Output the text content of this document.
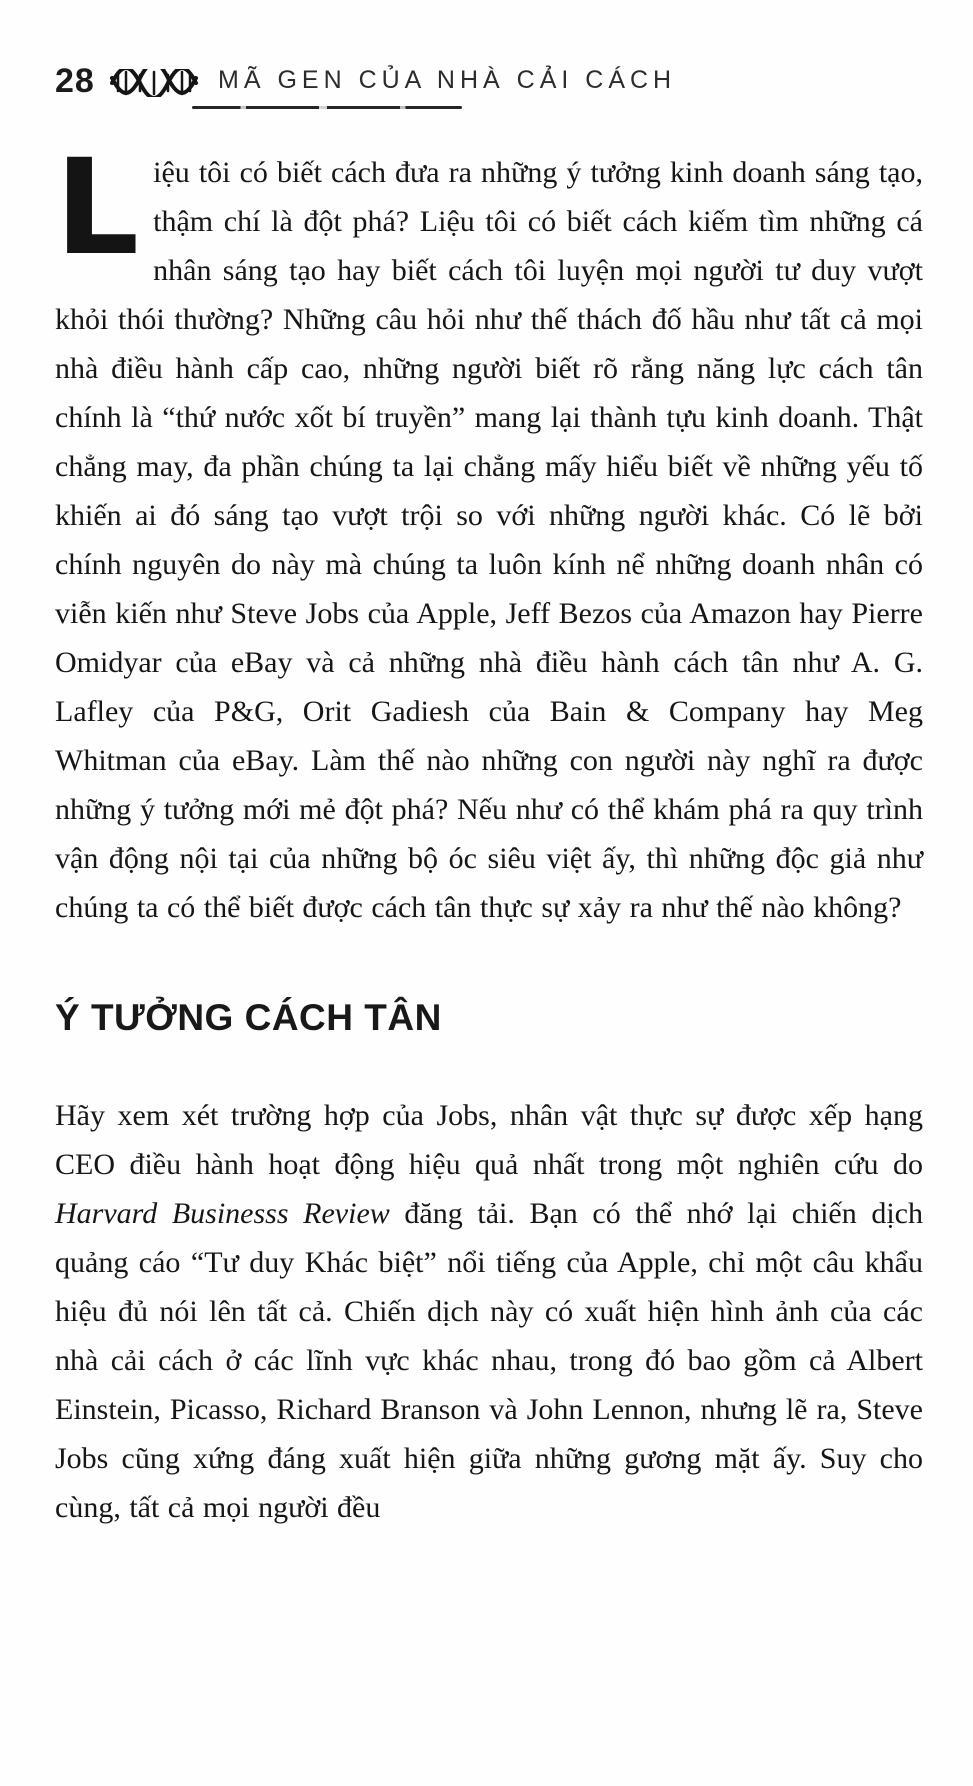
28	MÃ GEN CỦA NHÀ CẢI CÁCH

Liệu tôi có biết cách đưa ra những ý tưởng kinh doanh sáng tạo, thậm chí là đột phá? Liệu tôi có biết cách kiếm tìm những cá nhân sáng tạo hay biết cách tôi luyện mọi người tư duy vượt khỏi thói thường? Những câu hỏi như thế thách đố hầu như tất cả mọi nhà điều hành cấp cao, những người biết rõ rằng năng lực cách tân chính là “thứ nước xốt bí truyền” mang lại thành tựu kinh doanh. Thật chẳng may, đa phần chúng ta lại chẳng mấy hiểu biết về những yếu tố khiến ai đó sáng tạo vượt trội so với những người khác. Có lẽ bởi chính nguyên do này mà chúng ta luôn kính nể những doanh nhân có viễn kiến như Steve Jobs của Apple, Jeff Bezos của Amazon hay Pierre Omidyar của eBay và cả những nhà điều hành cách tân như A. G. Lafley của P&G, Orit Gadiesh của Bain & Company hay Meg Whitman của eBay. Làm thế nào những con người này nghĩ ra được những ý tưởng mới mẻ đột phá? Nếu như có thể khám phá ra quy trình vận động nội tại của những bộ óc siêu việt ấy, thì những độc giả như chúng ta có thể biết được cách tân thực sự xảy ra như thế nào không?

Ý TƯỞNG CÁCH TÂN

Hãy xem xét trường hợp của Jobs, nhân vật thực sự được xếp hạng CEO điều hành hoạt động hiệu quả nhất trong một nghiên cứu do Harvard Businesss Review đăng tải. Bạn có thể nhớ lại chiến dịch quảng cáo “Tư duy Khác biệt” nổi tiếng của Apple, chỉ một câu khẩu hiệu đủ nói lên tất cả. Chiến dịch này có xuất hiện hình ảnh của các nhà cải cách ở các lĩnh vực khác nhau, trong đó bao gồm cả Albert Einstein, Picasso, Richard Branson và John Lennon, nhưng lẽ ra, Steve Jobs cũng xứng đáng xuất hiện giữa những gương mặt ấy. Suy cho cùng, tất cả mọi người đều
